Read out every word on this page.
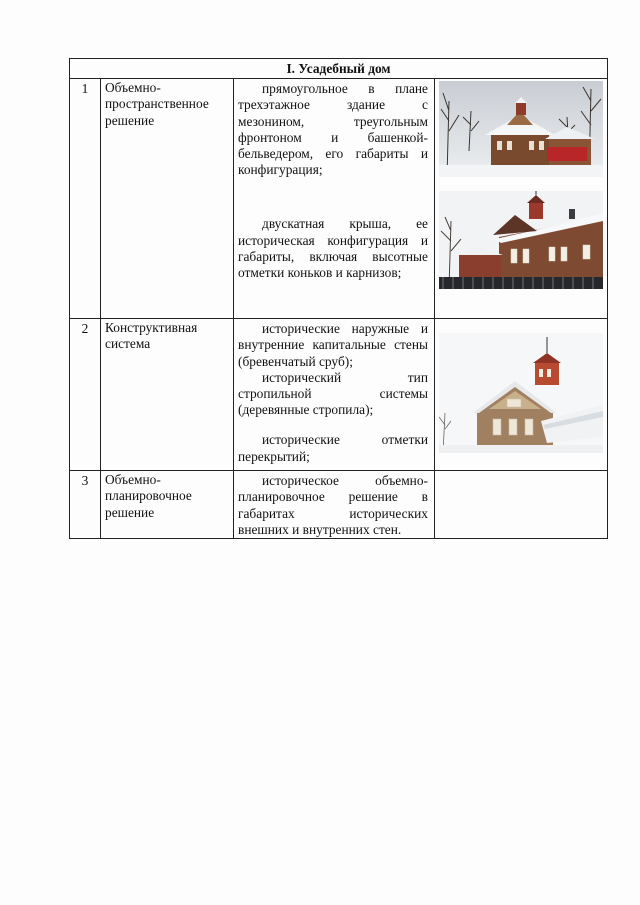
I. Усадебный дом			
1	Объемно-пространственное решение	прямоугольное в плане трехэтажное здание с мезонином, треугольным фронтоном и башенкой-бельведером, его габариты и конфигурация;

двускатная крыша, ее историческая конфигурация и габариты, включая высотные отметки коньков и карнизов;

2	Конструктивная система	исторические наружные и внутренние капитальные стены (бревенчатый сруб);

исторический тип стропильной системы (деревянные стропила);

исторические отметки перекрытий;

3	Объемно-планировочное решение	историческое объемно-планировочное решение в габаритах исторических внешних и внутренних стен.	
